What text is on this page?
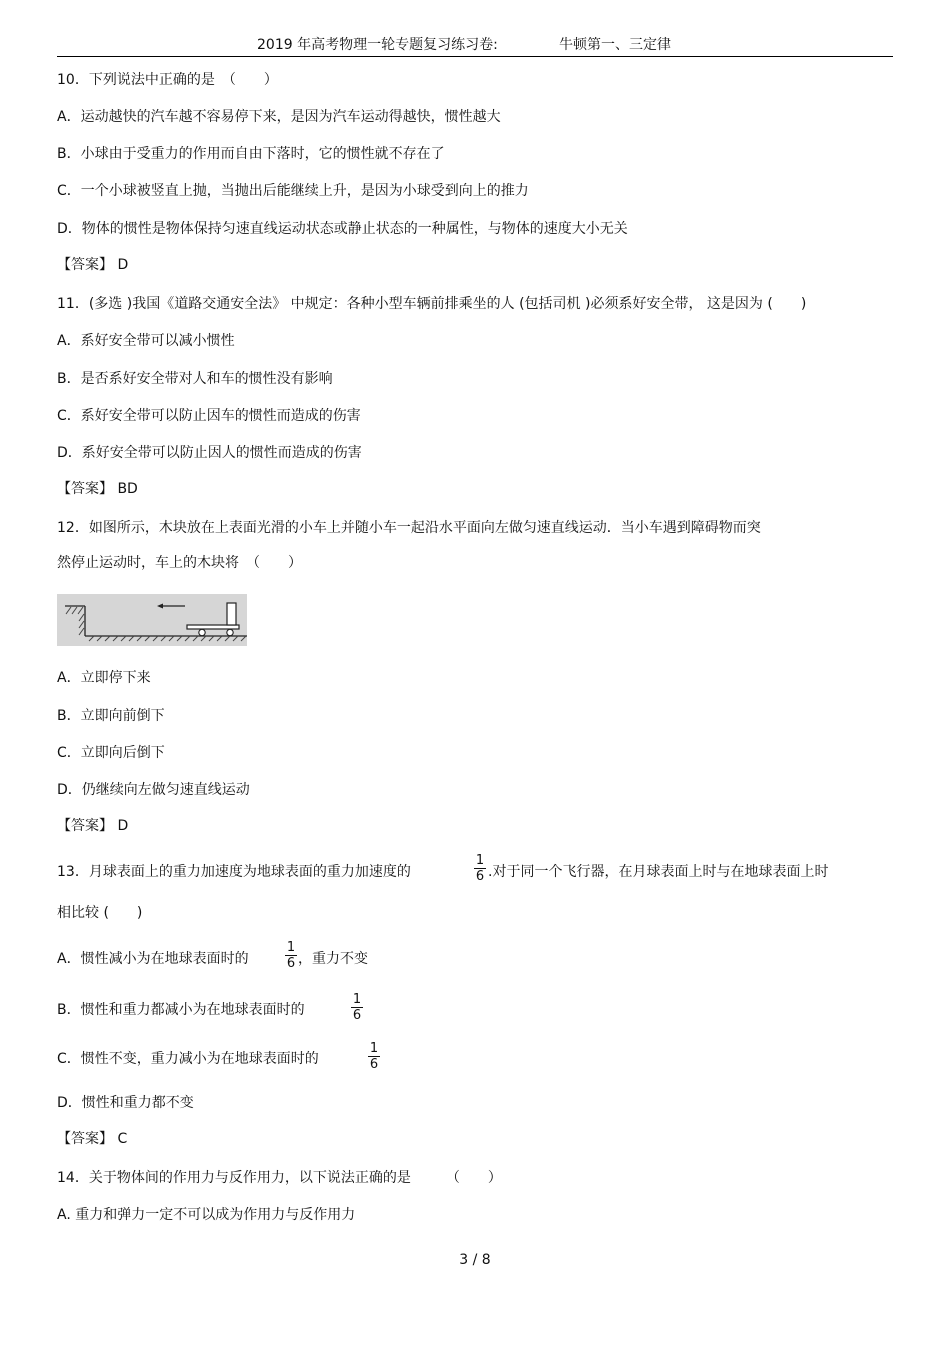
2019 年高考物理一轮专题复习练习卷:	牛顿第一、三定律
10．下列说法中正确的是　（　　）
A．运动越快的汽车越不容易停下来，是因为汽车运动得越快，惯性越大
B．小球由于受重力的作用而自由下落时，它的惯性就不存在了
C．一个小球被竖直上抛，当抛出后能继续上升，是因为小球受到向上的推力
D．物体的惯性是物体保持匀速直线运动状态或静止状态的一种属性，与物体的速度大小无关
【答案】 D
11．(多选 )我国《道路交通安全法》 中规定：各种小型车辆前排乘坐的人 (包括司机 )必须系好安全带， 这是因为 (　　)
A．系好安全带可以减小惯性
B．是否系好安全带对人和车的惯性没有影响
C．系好安全带可以防止因车的惯性而造成的伤害
D．系好安全带可以防止因人的惯性而造成的伤害
【答案】 BD
12．如图所示，木块放在上表面光滑的小车上并随小车一起沿水平面向左做匀速直线运动．当小车遇到障碍物而突
然停止运动时，车上的木块将　（　　）
A．立即停下来
B．立即向前倒下
C．立即向后倒下
D．仍继续向左做匀速直线运动
【答案】 D
13．月球表面上的重力加速度为地球表面的重力加速度的	$\frac{1}{6}$ .对于同一个飞行器，在月球表面上时与在地球表面上时
相比较 (　　)
A．惯性减小为在地球表面时的	$\frac{1}{6}$ ，重力不变
B．惯性和重力都减小为在地球表面时的	$\frac{1}{6}$
C．惯性不变，重力减小为在地球表面时的	$\frac{1}{6}$
D．惯性和重力都不变
【答案】 C
14．关于物体间的作用力与反作用力，以下说法正确的是　　　（　　）
A. 重力和弹力一定不可以成为作用力与反作用力
3 / 8
